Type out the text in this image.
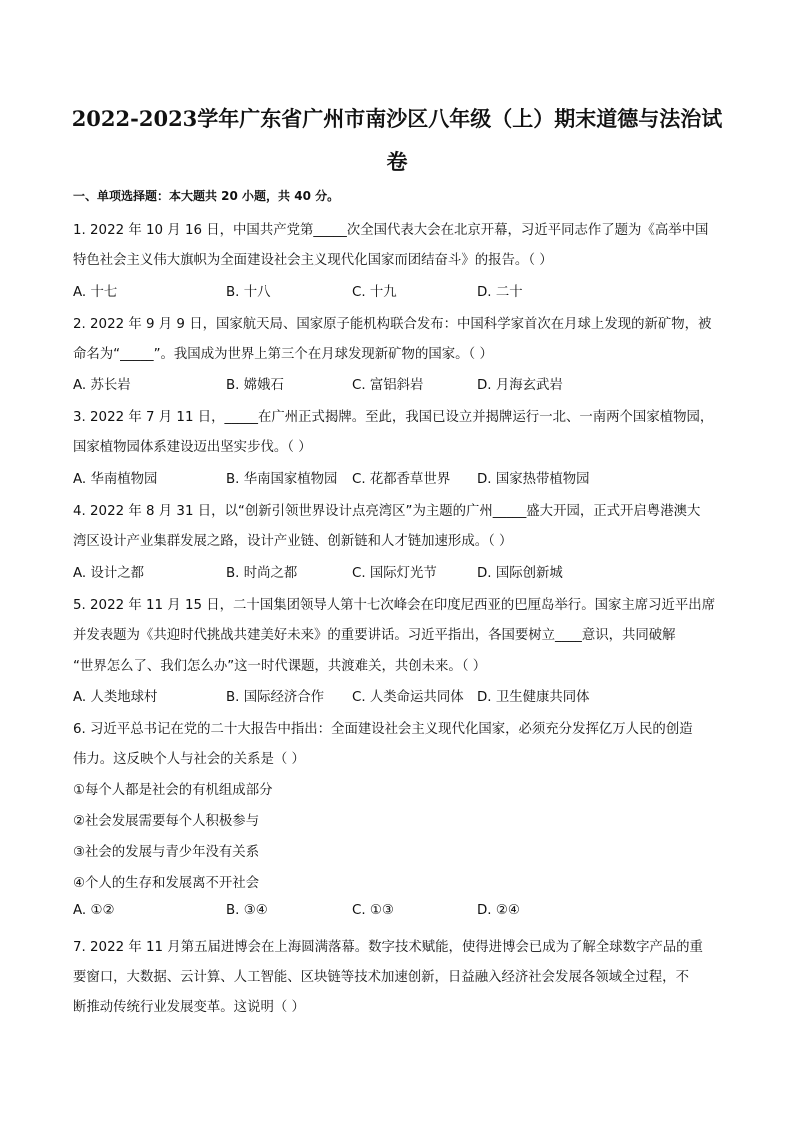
2022-2023学年广东省广州市南沙区八年级（上）期末道德与法治试
卷
一、单项选择题：本大题共 20 小题，共 40 分。
1. 2022 年 10 月 16 日，中国共产党第_____次全国代表大会在北京开幕，习近平同志作了题为《高举中国
特色社会主义伟大旗帜为全面建设社会主义现代化国家而团结奋斗》的报告。（ ）
A. 十七	B. 十八	C. 十九	D. 二十
2. 2022 年 9 月 9 日，国家航天局、国家原子能机构联合发布：中国科学家首次在月球上发现的新矿物，被
命名为“_____”。我国成为世界上第三个在月球发现新矿物的国家。（ ）
A. 苏长岩	B. 嫦娥石	C. 富铝斜岩	D. 月海玄武岩
3. 2022 年 7 月 11 日，_____在广州正式揭牌。至此，我国已设立并揭牌运行一北、一南两个国家植物园，
国家植物园体系建设迈出坚实步伐。（ ）
A. 华南植物园	B. 华南国家植物园 C. 花都香草世界 D. 国家热带植物园
4. 2022 年 8 月 31 日，以“创新引领世界设计点亮湾区”为主题的广州_____盛大开园，正式开启粤港澳大
湾区设计产业集群发展之路，设计产业链、创新链和人才链加速形成。（ ）
A. 设计之都	B. 时尚之都	C. 国际灯光节	D. 国际创新城
5. 2022 年 11 月 15 日，二十国集团领导人第十七次峰会在印度尼西亚的巴厘岛举行。国家主席习近平出席
并发表题为《共迎时代挑战共建美好未来》的重要讲话。习近平指出，各国要树立____意识，共同破解
“世界怎么了、我们怎么办”这一时代课题，共渡难关，共创未来。（ ）
A. 人类地球村	B. 国际经济合作 C. 人类命运共同体 D. 卫生健康共同体
6. 习近平总书记在党的二十大报告中指出：全面建设社会主义现代化国家，必须充分发挥亿万人民的创造
伟力。这反映个人与社会的关系是（ ）
①每个人都是社会的有机组成部分
②社会发展需要每个人积极参与
③社会的发展与青少年没有关系
④个人的生存和发展离不开社会
A. ①②	B. ③④	C. ①③	D. ②④
7. 2022 年 11 月第五届进博会在上海圆满落幕。数字技术赋能，使得进博会已成为了解全球数字产品的重
要窗口，大数据、云计算、人工智能、区块链等技术加速创新，日益融入经济社会发展各领域全过程，不
断推动传统行业发展变革。这说明（ ）
